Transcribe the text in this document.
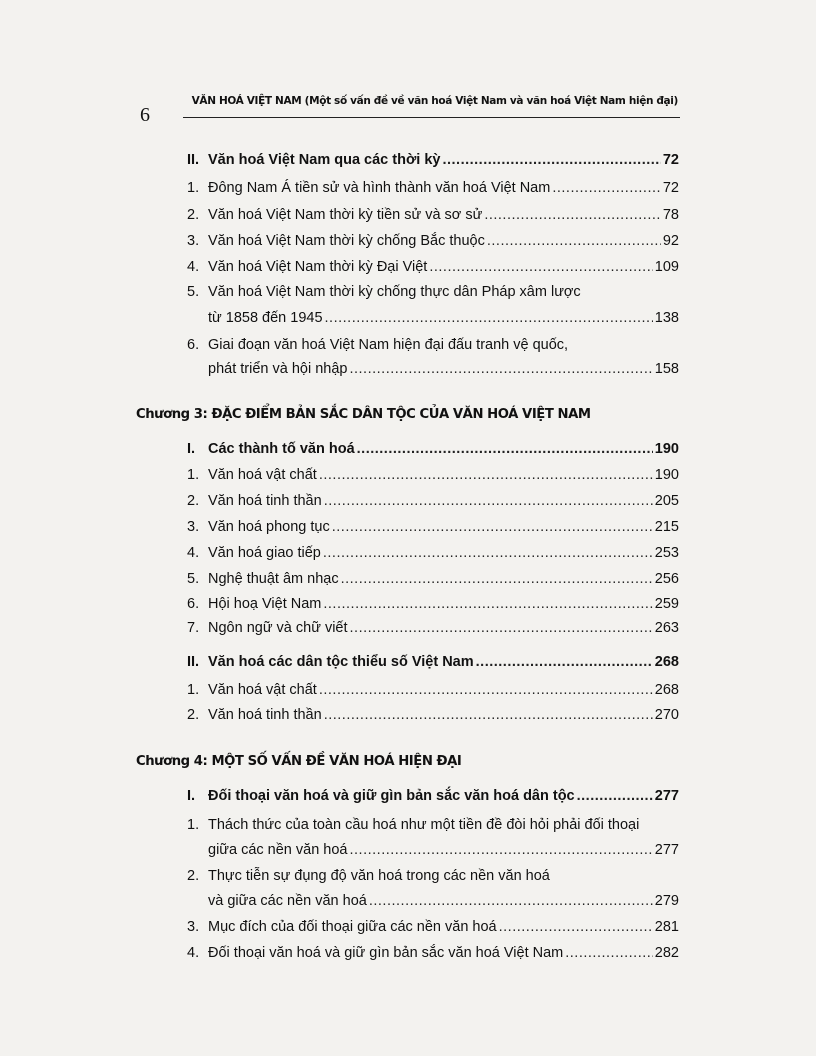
6
VĂN HOÁ VIỆT NAM (Một số vấn đề về văn hoá Việt Nam và văn hoá Việt Nam hiện đại)
II. Văn hoá Việt Nam qua các thời kỳ .....	72
1. Đông Nam Á tiền sử và hình thành văn hoá Việt Nam .....	72
2. Văn hoá Việt Nam thời kỳ tiền sử và sơ sử .....	78
3. Văn hoá Việt Nam thời kỳ chống Bắc thuộc .....	92
4. Văn hoá Việt Nam thời kỳ Đại Việt .....	109
5. Văn hoá Việt Nam thời kỳ chống thực dân Pháp xâm lược
từ 1858 đến 1945 .....	138
6. Giai đoạn văn hoá Việt Nam hiện đại đấu tranh vệ quốc,
phát triển và hội nhập .....	158
Chương 3: ĐẶC ĐIỂM BẢN SẮC DÂN TỘC CỦA VĂN HOÁ VIỆT NAM
I. Các thành tố văn hoá .....	190
1. Văn hoá vật chất .....	190
2. Văn hoá tinh thần .....	205
3. Văn hoá phong tục .....	215
4. Văn hoá giao tiếp .....	253
5. Nghệ thuật âm nhạc .....	256
6. Hội hoạ Việt Nam .....	259
7. Ngôn ngữ và chữ viết .....	263
II. Văn hoá các dân tộc thiểu số Việt Nam .....	268
1. Văn hoá vật chất .....	268
2. Văn hoá tinh thần .....	270
Chương 4: MỘT SỐ VẤN ĐỀ VĂN HOÁ HIỆN ĐẠI
I. Đối thoại văn hoá và giữ gìn bản sắc văn hoá dân tộc .....	277
1. Thách thức của toàn cầu hoá như một tiền đề đòi hỏi phải đối thoại
giữa các nền văn hoá .....	277
2. Thực tiễn sự đụng độ văn hoá trong các nền văn hoá
và giữa các nền văn hoá .....	279
3. Mục đích của đối thoại giữa các nền văn hoá .....	281
4. Đối thoại văn hoá và giữ gìn bản sắc văn hoá Việt Nam .....	282
